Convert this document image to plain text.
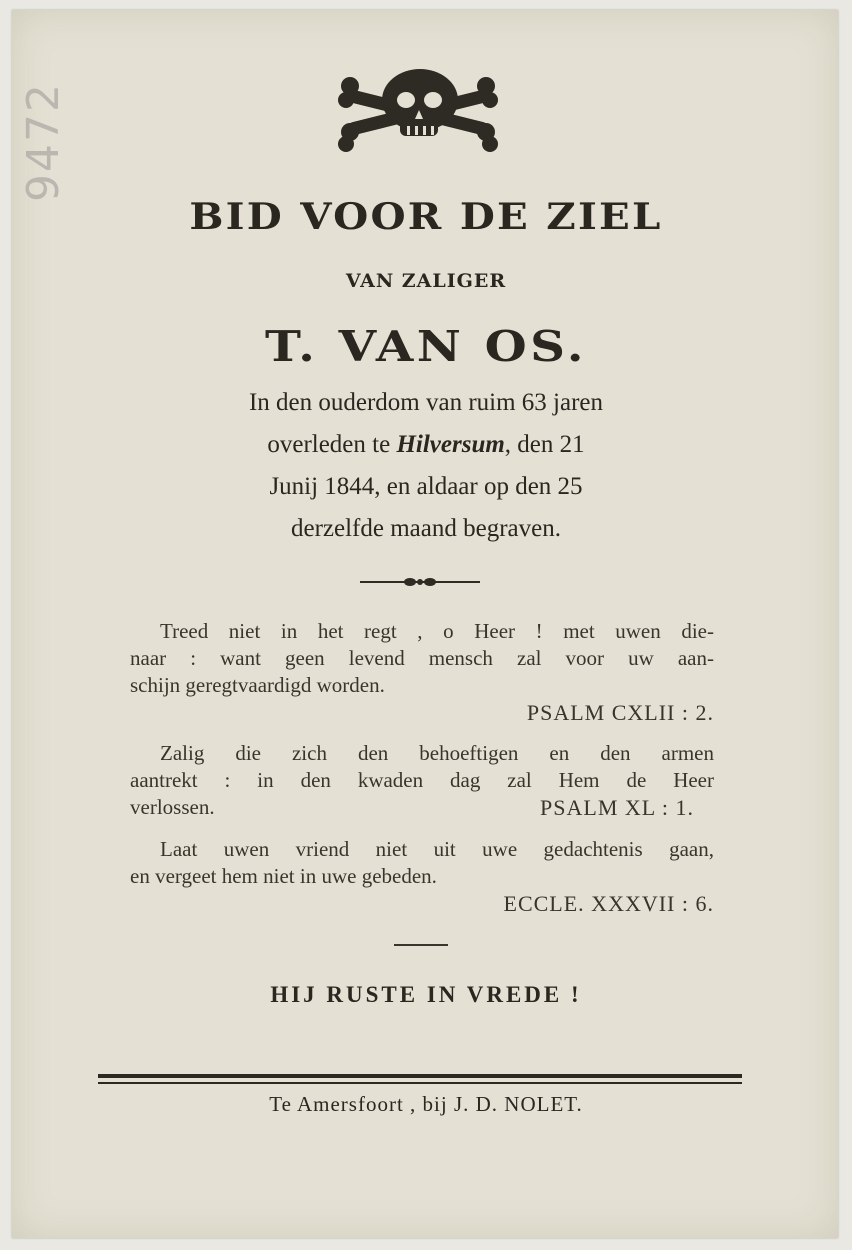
9472
BID VOOR DE ZIEL
VAN ZALIGER
T. VAN OS.
In den ouderdom van ruim 63 jaren
overleden te Hilversum, den 21
Junij 1844, en aldaar op den 25
derzelfde maand begraven.
Treed niet in het regt , o Heer ! met uwen die-
naar : want geen levend mensch zal voor uw aan-
schijn geregtvaardigd worden.
PSALM CXLII : 2.
Zalig die zich den behoeftigen en den armen
aantrekt : in den kwaden dag zal Hem de Heer
verlossen.	PSALM XL : 1.
Laat uwen vriend niet uit uwe gedachtenis gaan,
en vergeet hem niet in uwe gebeden.
ECCLE. XXXVII : 6.
HIJ RUSTE IN VREDE !
Te Amersfoort , bij J. D. NOLET.
